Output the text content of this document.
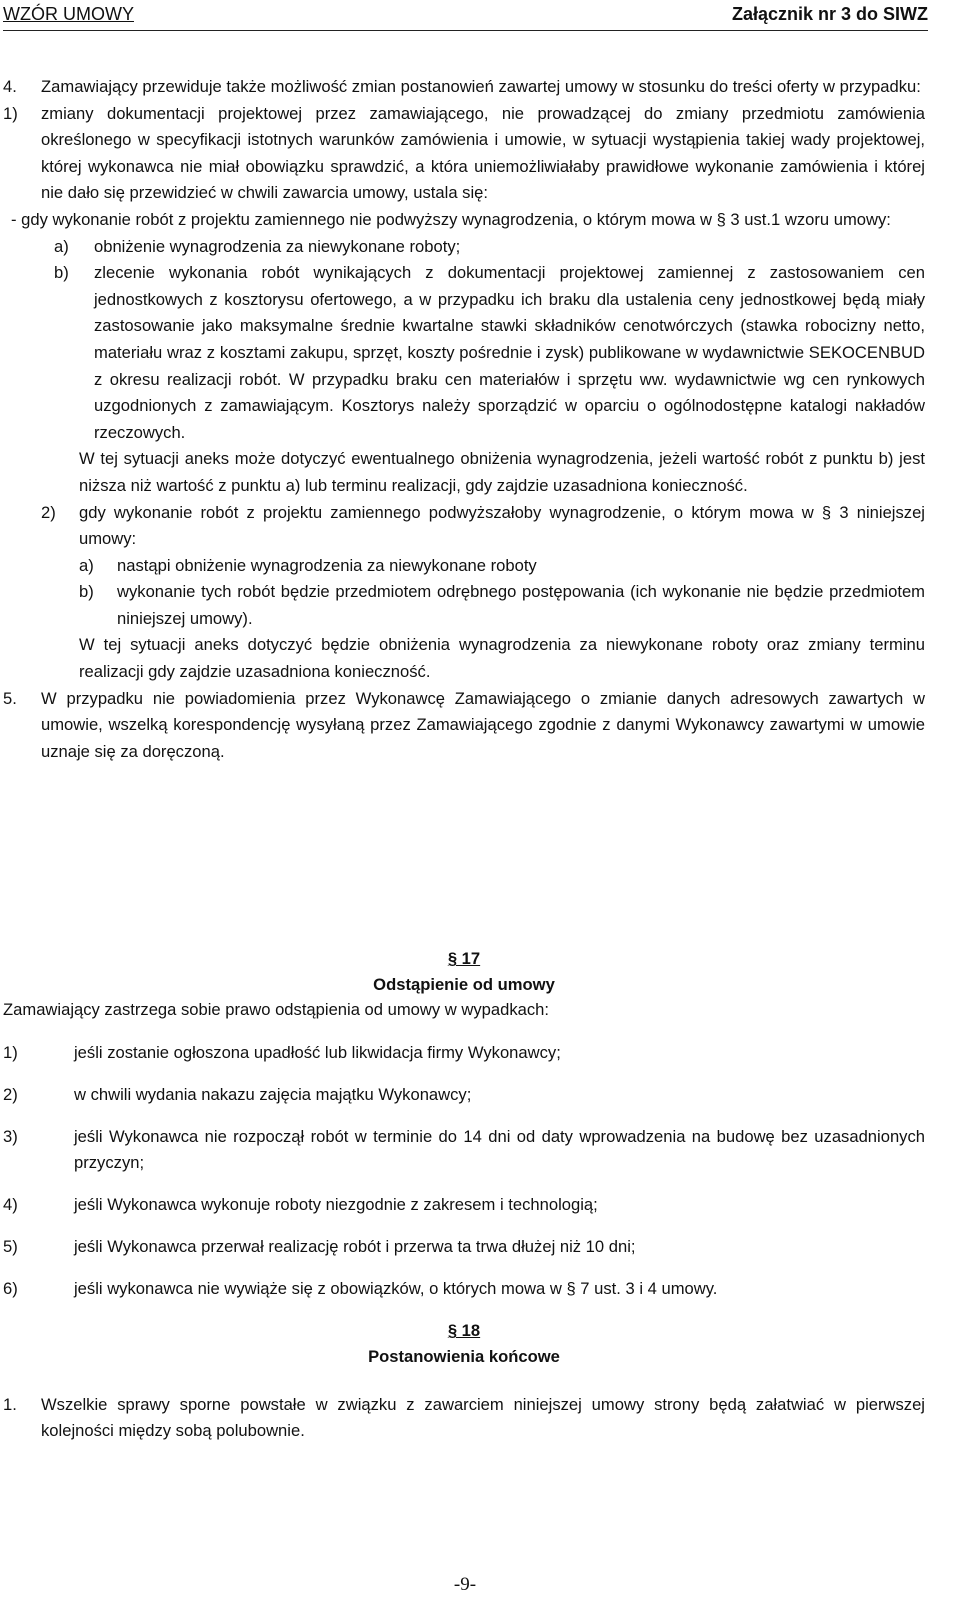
WZÓR UMOWY	Załącznik nr 3 do SIWZ
4.	Zamawiający przewiduje także możliwość zmian postanowień zawartej umowy w stosunku do treści oferty w przypadku:
1)	zmiany dokumentacji projektowej przez zamawiającego, nie prowadzącej do zmiany przedmiotu zamówienia określonego w specyfikacji istotnych warunków zamówienia i umowie, w sytuacji wystąpienia takiej wady projektowej, której wykonawca nie miał obowiązku sprawdzić, a która uniemożliwiałaby prawidłowe wykonanie zamówienia i której nie dało się przewidzieć w chwili zawarcia umowy, ustala się:
- gdy wykonanie robót z projektu zamiennego nie podwyższy wynagrodzenia, o którym mowa w § 3 ust.1 wzoru umowy:
a)	obniżenie wynagrodzenia za niewykonane roboty;
b)	zlecenie wykonania robót wynikających z dokumentacji projektowej zamiennej z zastosowaniem cen jednostkowych z kosztorysu ofertowego, a w przypadku ich braku dla ustalenia ceny jednostkowej będą miały zastosowanie jako maksymalne średnie kwartalne stawki składników cenotwórczych (stawka robocizny netto, materiału wraz z kosztami zakupu, sprzęt, koszty pośrednie i zysk) publikowane w wydawnictwie SEKOCENBUD z okresu realizacji robót. W przypadku braku cen materiałów i sprzętu ww. wydawnictwie wg cen rynkowych uzgodnionych z zamawiającym. Kosztorys należy sporządzić w oparciu o ogólnodostępne katalogi nakładów rzeczowych.
W tej sytuacji aneks może dotyczyć ewentualnego obniżenia wynagrodzenia, jeżeli wartość robót z punktu b) jest niższa niż wartość z punktu a) lub terminu realizacji, gdy zajdzie uzasadniona konieczność.
2)	gdy wykonanie robót z projektu zamiennego podwyższałoby wynagrodzenie, o którym mowa w § 3 niniejszej umowy:
a)	nastąpi obniżenie wynagrodzenia za niewykonane roboty
b)	wykonanie tych robót będzie przedmiotem odrębnego postępowania (ich wykonanie nie będzie przedmiotem niniejszej umowy).
W tej sytuacji aneks dotyczyć będzie obniżenia wynagrodzenia za niewykonane roboty oraz zmiany terminu realizacji gdy zajdzie uzasadniona konieczność.
5.	W przypadku nie powiadomienia przez Wykonawcę Zamawiającego o zmianie danych adresowych zawartych w umowie, wszelką korespondencję wysyłaną przez Zamawiającego zgodnie z danymi Wykonawcy zawartymi w umowie uznaje się za doręczoną.
§ 17
Odstąpienie od umowy
Zamawiający zastrzega sobie prawo odstąpienia od umowy w wypadkach:
1)	jeśli zostanie ogłoszona upadłość lub likwidacja firmy Wykonawcy;
2)	w chwili wydania nakazu zajęcia majątku Wykonawcy;
3)	jeśli Wykonawca nie rozpoczął robót w terminie do 14 dni od daty wprowadzenia na budowę bez uzasadnionych przyczyn;
4)	jeśli Wykonawca wykonuje roboty niezgodnie z zakresem i technologią;
5)	jeśli Wykonawca przerwał realizację robót i przerwa ta trwa dłużej niż 10 dni;
6)	jeśli wykonawca nie wywiąże się z obowiązków, o których mowa w § 7 ust. 3 i 4 umowy.
§ 18
Postanowienia końcowe
1.	Wszelkie sprawy sporne powstałe w związku z zawarciem niniejszej umowy strony będą załatwiać w pierwszej kolejności między sobą polubownie.
-9-
